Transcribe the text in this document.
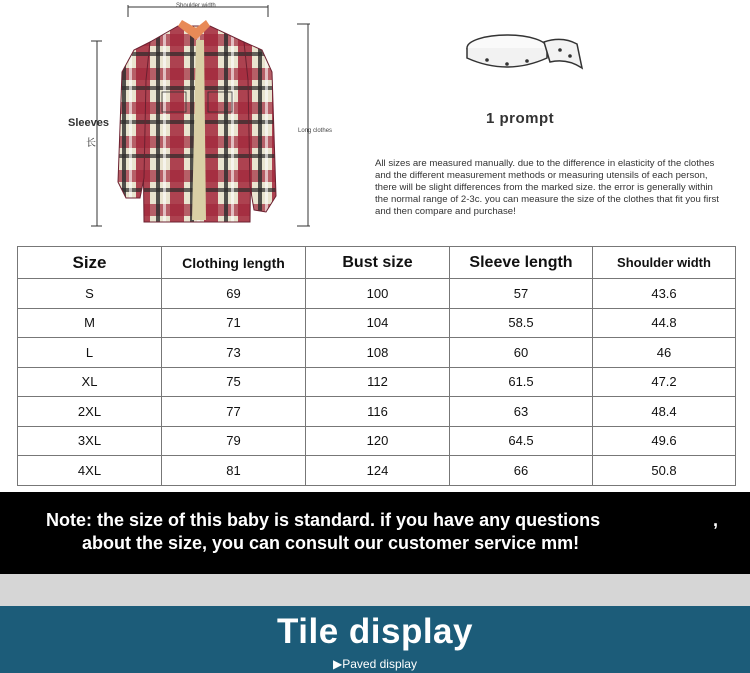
Shoulder width
Sleeves
长
Long clothes
1 prompt
All sizes are measured manually. due to the difference in elasticity of the clothes and the different measurement methods or measuring utensils of each person, there will be slight differences from the marked size. the error is generally within the normal range of 2-3c. you can measure the size of the clothes that fit you first and then compare and purchase!
Size	Clothing length	Bust size	Sleeve length	Shoulder width
S	69	100	57	43.6
M	71	104	58.5	44.8
L	73	108	60	46
XL	75	112	61.5	47.2
2XL	77	116	63	48.4
3XL	79	120	64.5	49.6
4XL	81	124	66	50.8
Note: the size of this baby is standard. if you have any questions	,
about the size, you can consult our customer service mm!
Tile display
▶Paved display
